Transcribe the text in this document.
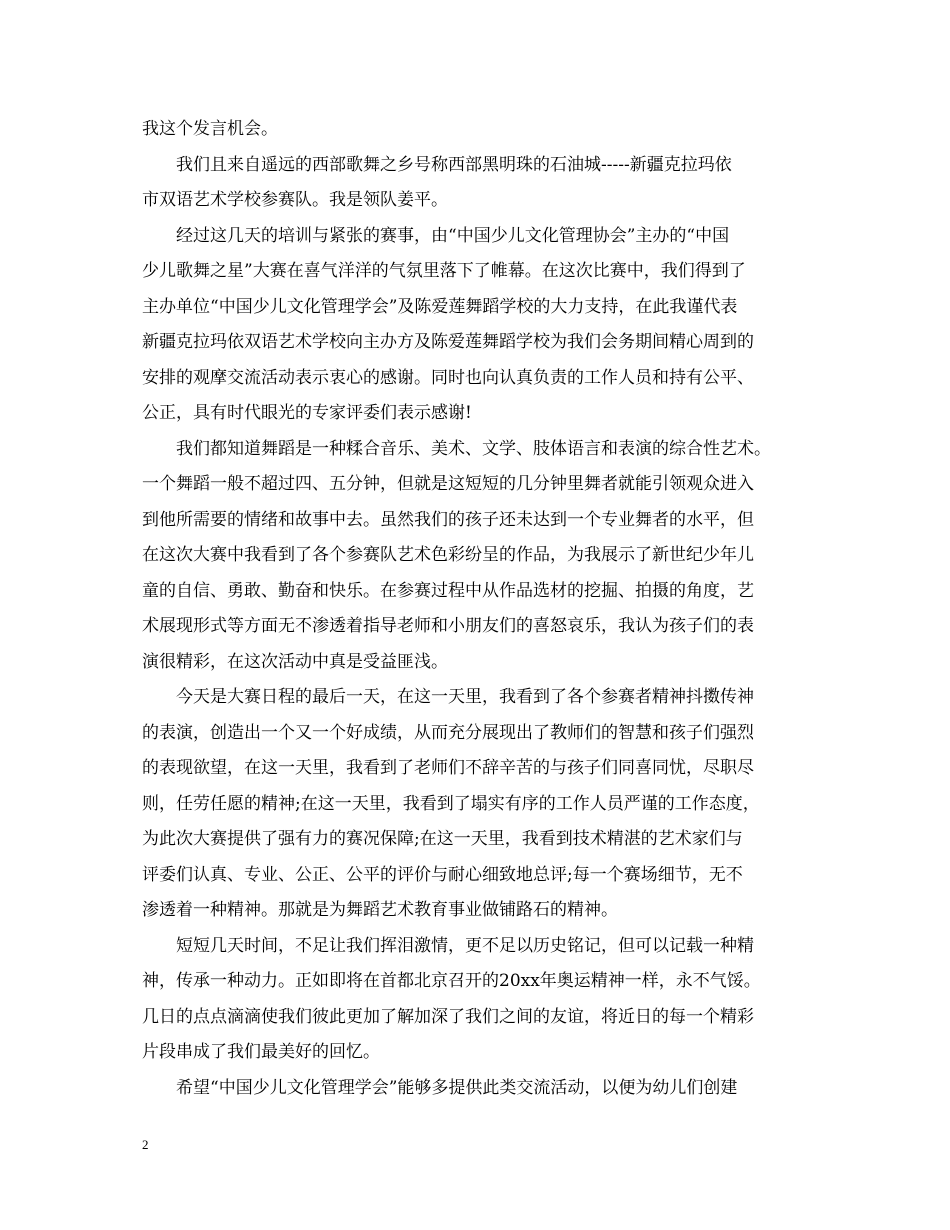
我这个发言机会。
我们且来自遥远的西部歌舞之乡号称西部黑明珠的石油城-----新疆克拉玛依
市双语艺术学校参赛队。我是领队姜平。
经过这几天的培训与紧张的赛事，由“中国少儿文化管理协会”主办的“中国
少儿歌舞之星”大赛在喜气洋洋的气氛里落下了帷幕。在这次比赛中，我们得到了
主办单位“中国少儿文化管理学会”及陈爱莲舞蹈学校的大力支持，在此我谨代表
新疆克拉玛依双语艺术学校向主办方及陈爱莲舞蹈学校为我们会务期间精心周到的
安排的观摩交流活动表示衷心的感谢。同时也向认真负责的工作人员和持有公平、
公正，具有时代眼光的专家评委们表示感谢!
我们都知道舞蹈是一种糅合音乐、美术、文学、肢体语言和表演的综合性艺术。
一个舞蹈一般不超过四、五分钟，但就是这短短的几分钟里舞者就能引领观众进入
到他所需要的情绪和故事中去。虽然我们的孩子还未达到一个专业舞者的水平，但
在这次大赛中我看到了各个参赛队艺术色彩纷呈的作品，为我展示了新世纪少年儿
童的自信、勇敢、勤奋和快乐。在参赛过程中从作品选材的挖掘、拍摄的角度，艺
术展现形式等方面无不渗透着指导老师和小朋友们的喜怒哀乐，我认为孩子们的表
演很精彩，在这次活动中真是受益匪浅。
今天是大赛日程的最后一天，在这一天里，我看到了各个参赛者精神抖擞传神
的表演，创造出一个又一个好成绩，从而充分展现出了教师们的智慧和孩子们强烈
的表现欲望，在这一天里，我看到了老师们不辞辛苦的与孩子们同喜同忧，尽职尽
则，任劳任愿的精神;在这一天里，我看到了塌实有序的工作人员严谨的工作态度，
为此次大赛提供了强有力的赛况保障;在这一天里，我看到技术精湛的艺术家们与
评委们认真、专业、公正、公平的评价与耐心细致地总评;每一个赛场细节，无不
渗透着一种精神。那就是为舞蹈艺术教育事业做铺路石的精神。
短短几天时间，不足让我们挥泪激情，更不足以历史铭记，但可以记载一种精
神，传承一种动力。正如即将在首都北京召开的20xx年奥运精神一样，永不气馁。
几日的点点滴滴使我们彼此更加了解加深了我们之间的友谊，将近日的每一个精彩
片段串成了我们最美好的回忆。
希望“中国少儿文化管理学会”能够多提供此类交流活动，以便为幼儿们创建
2
